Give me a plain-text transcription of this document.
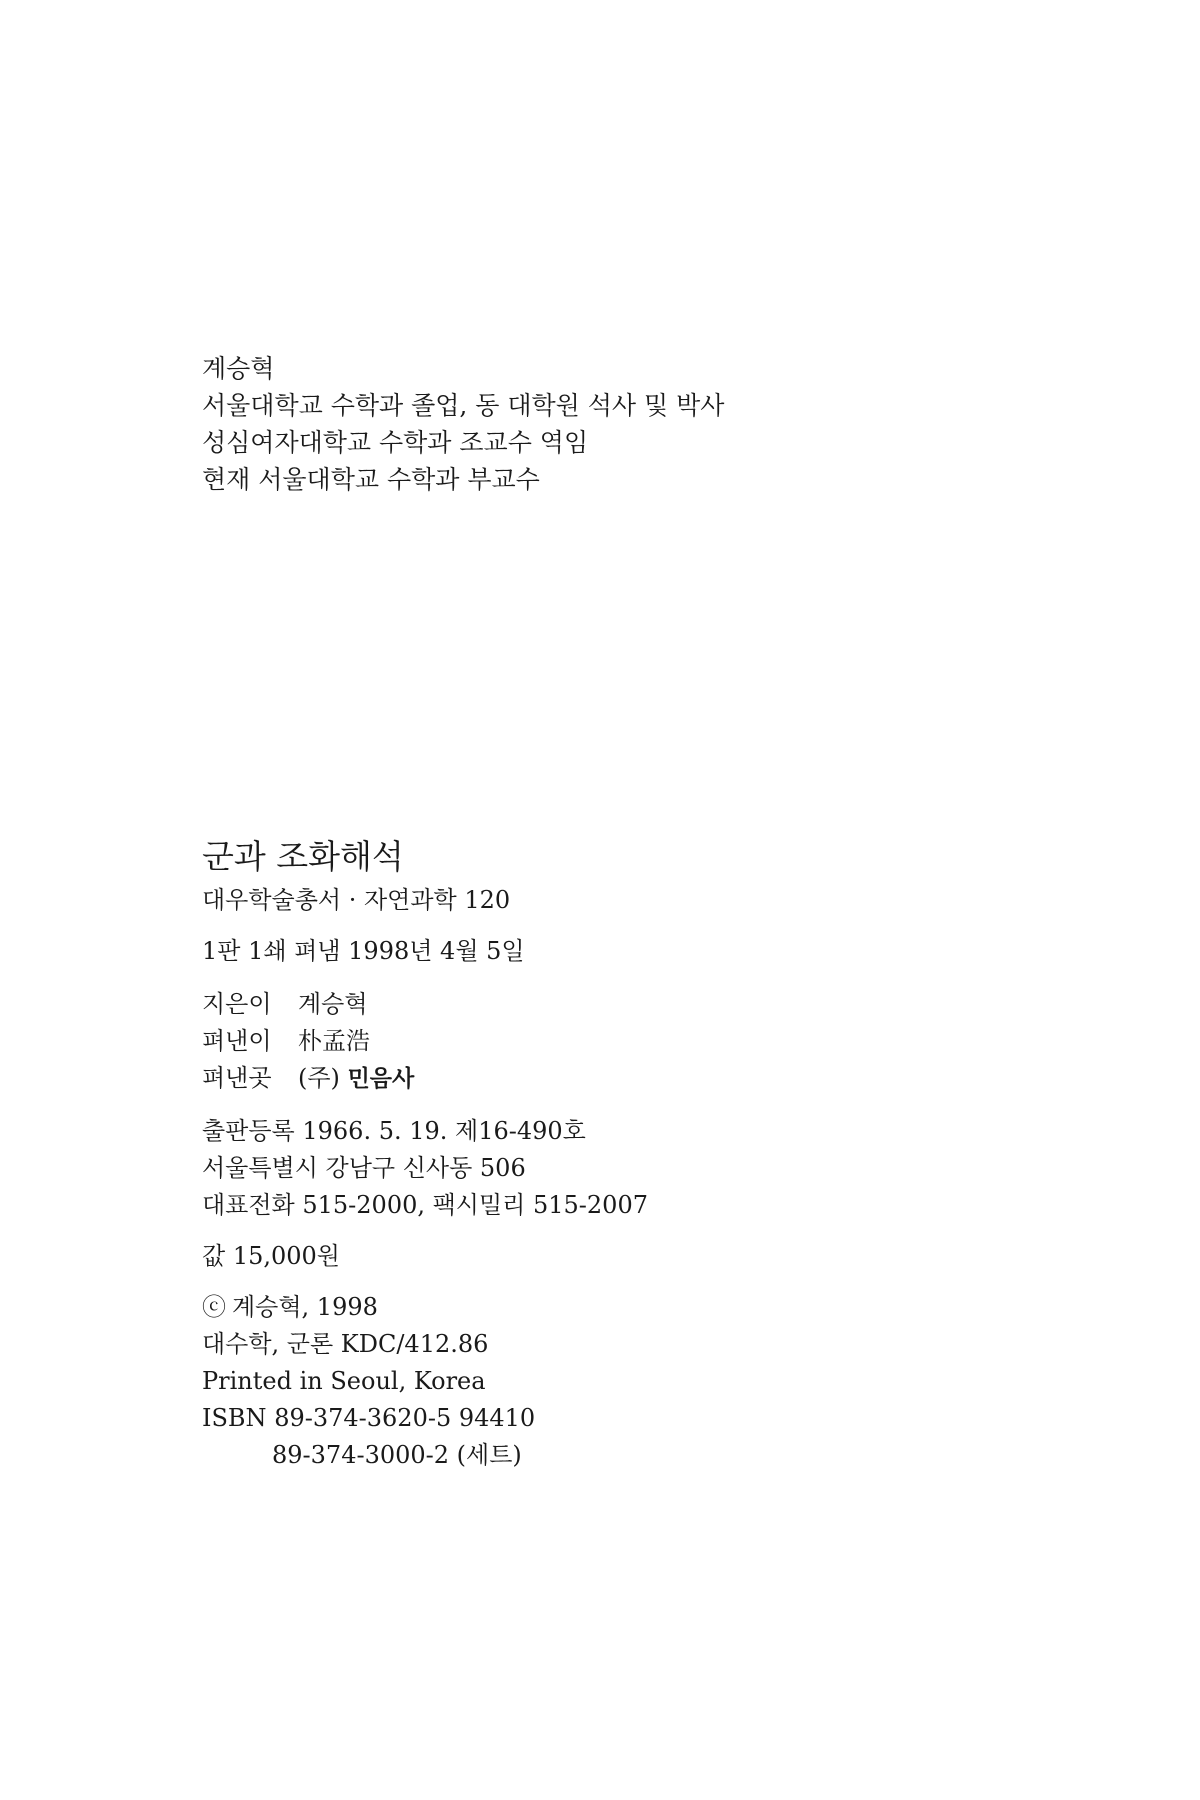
계승혁
서울대학교 수학과 졸업, 동 대학원 석사 및 박사
성심여자대학교 수학과 조교수 역임
현재 서울대학교 수학과 부교수
군과 조화해석
대우학술총서 · 자연과학 120
1판 1쇄 펴냄 1998년 4월 5일
지은이 계승혁
펴낸이 朴孟浩
펴낸곳 (주) 민음사
출판등록 1966. 5. 19. 제16-490호
서울특별시 강남구 신사동 506
대표전화 515-2000, 팩시밀리 515-2007
값 15,000원
ⓒ 계승혁, 1998
대수학, 군론 KDC/412.86
Printed in Seoul, Korea
ISBN 89-374-3620-5 94410
89-374-3000-2 (세트)
